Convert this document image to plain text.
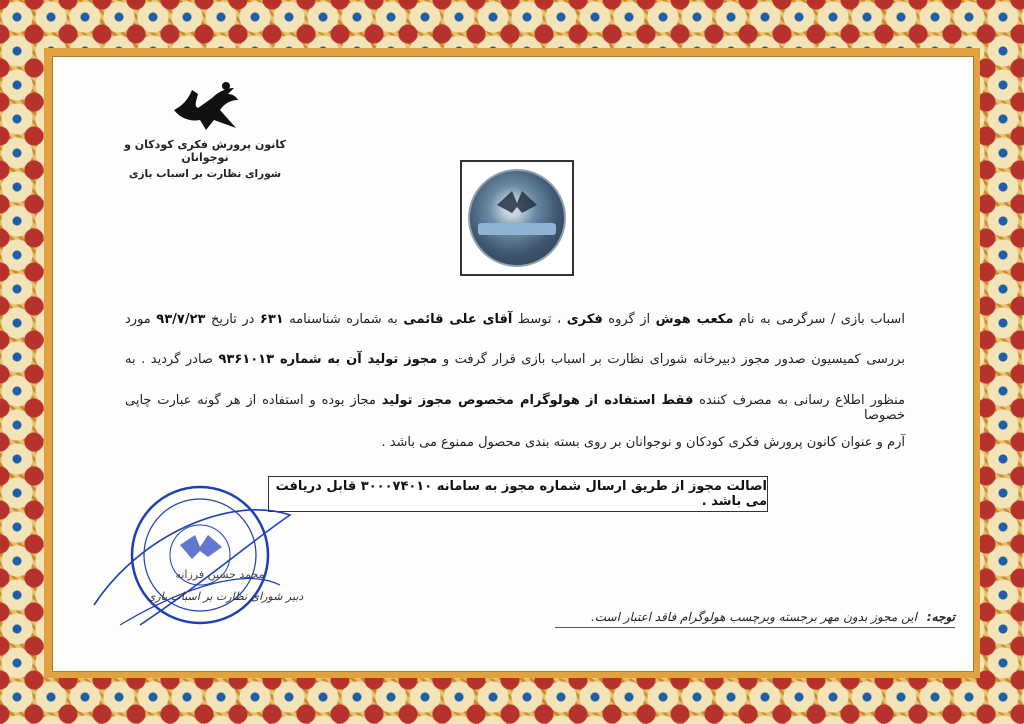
کانون پرورش فکری کودکان و نوجوانان
شورای نظارت بر اسباب بازی
اسباب بازی / سرگرمی به نام مکعب هوش از گروه فکری ، توسط آقای علی قائمی به شماره شناسنامه ۶۳۱ در تاریخ ۹۳/۷/۲۳ مورد
بررسی کمیسیون صدور مجوز دبیرخانه شورای نظارت بر اسباب بازی قرار گرفت و مجوز تولید آن به شماره ۹۳۶۱۰۱۳ صادر گردید . به
منظور اطلاع رسانی به مصرف کننده فقط استفاده از هولوگرام مخصوص مجوز تولید مجاز بوده و استفاده از هر گونه عبارت چاپی خصوصا
آرم و عنوان کانون پرورش فکری کودکان و نوجوانان بر روی بسته بندی محصول ممنوع می باشد .
اصالت مجوز از طریق ارسال شماره مجوز به سامانه ۳۰۰۰۷۴۰۱۰ قابل دریافت می باشد .
محمد حسین فرزانه
دبیر شورای نظارت بر اسباب بازی
توجه: این مجوز بدون مهر برجسته وبرچسب هولوگرام فاقد اعتبار است.
